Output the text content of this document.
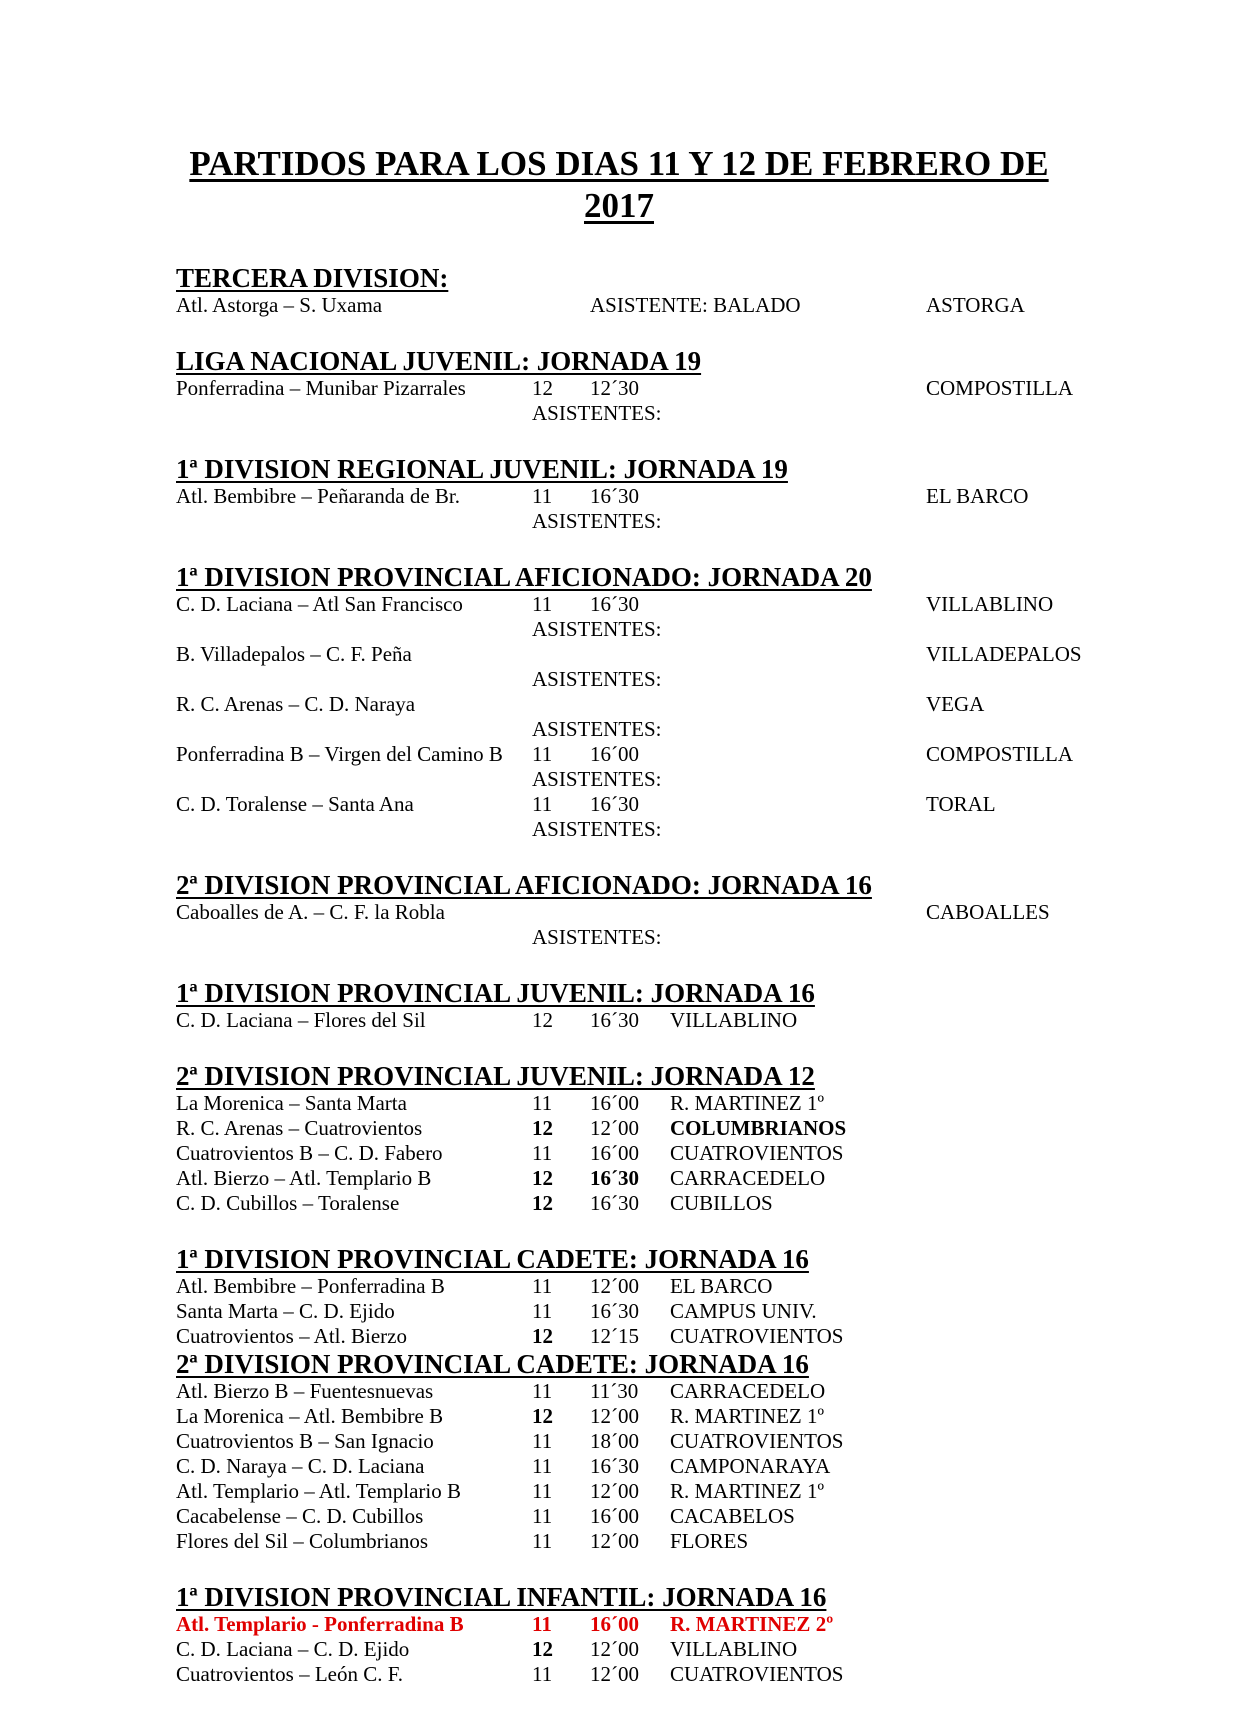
PARTIDOS PARA LOS DIAS 11 Y 12 DE FEBRERO DE
2017
TERCERA DIVISION:
Atl. Astorga – S. Uxama	ASISTENTE: BALADO	ASTORGA
LIGA NACIONAL JUVENIL: JORNADA 19
Ponferradina – Munibar Pizarrales	12 12´30	COMPOSTILLA
ASISTENTES:
1ª DIVISION REGIONAL JUVENIL: JORNADA 19
Atl. Bembibre – Peñaranda de Br.	11 16´30	EL BARCO
ASISTENTES:
1ª DIVISION PROVINCIAL AFICIONADO: JORNADA 20
C. D. Laciana – Atl San Francisco	11 16´30	VILLABLINO
ASISTENTES:
B. Villadepalos – C. F. Peña	VILLADEPALOS
ASISTENTES:
R. C. Arenas – C. D. Naraya	VEGA
ASISTENTES:
Ponferradina B – Virgen del Camino B 11 16´00	COMPOSTILLA
ASISTENTES:
C. D. Toralense – Santa Ana	11 16´30	TORAL
ASISTENTES:
2ª DIVISION PROVINCIAL AFICIONADO: JORNADA 16
Caboalles de A. – C. F. la Robla	CABOALLES
ASISTENTES:
1ª DIVISION PROVINCIAL JUVENIL: JORNADA 16
C. D. Laciana – Flores del Sil	12 16´30 VILLABLINO
2ª DIVISION PROVINCIAL JUVENIL: JORNADA 12
La Morenica – Santa Marta	11 16´00 R. MARTINEZ 1º
R. C. Arenas – Cuatrovientos	12 12´00 COLUMBRIANOS
Cuatrovientos B – C. D. Fabero	11 16´00 CUATROVIENTOS
Atl. Bierzo – Atl. Templario B	12 16´30 CARRACEDELO
C. D. Cubillos – Toralense	12 16´30 CUBILLOS
1ª DIVISION PROVINCIAL CADETE: JORNADA 16
Atl. Bembibre – Ponferradina B	11 12´00 EL BARCO
Santa Marta – C. D. Ejido	11 16´30 CAMPUS UNIV.
Cuatrovientos – Atl. Bierzo	12 12´15 CUATROVIENTOS
2ª DIVISION PROVINCIAL CADETE: JORNADA 16
Atl. Bierzo B – Fuentesnuevas	11 11´30 CARRACEDELO
La Morenica – Atl. Bembibre B	12 12´00 R. MARTINEZ 1º
Cuatrovientos B – San Ignacio	11 18´00 CUATROVIENTOS
C. D. Naraya – C. D. Laciana	11 16´30 CAMPONARAYA
Atl. Templario – Atl. Templario B	11 12´00 R. MARTINEZ 1º
Cacabelense – C. D. Cubillos	11 16´00 CACABELOS
Flores del Sil – Columbrianos	11 12´00 FLORES
1ª DIVISION PROVINCIAL INFANTIL: JORNADA 16
Atl. Templario - Ponferradina B	11 16´00 R. MARTINEZ 2º
C. D. Laciana – C. D. Ejido	12 12´00 VILLABLINO
Cuatrovientos – León C. F.	11 12´00 CUATROVIENTOS
